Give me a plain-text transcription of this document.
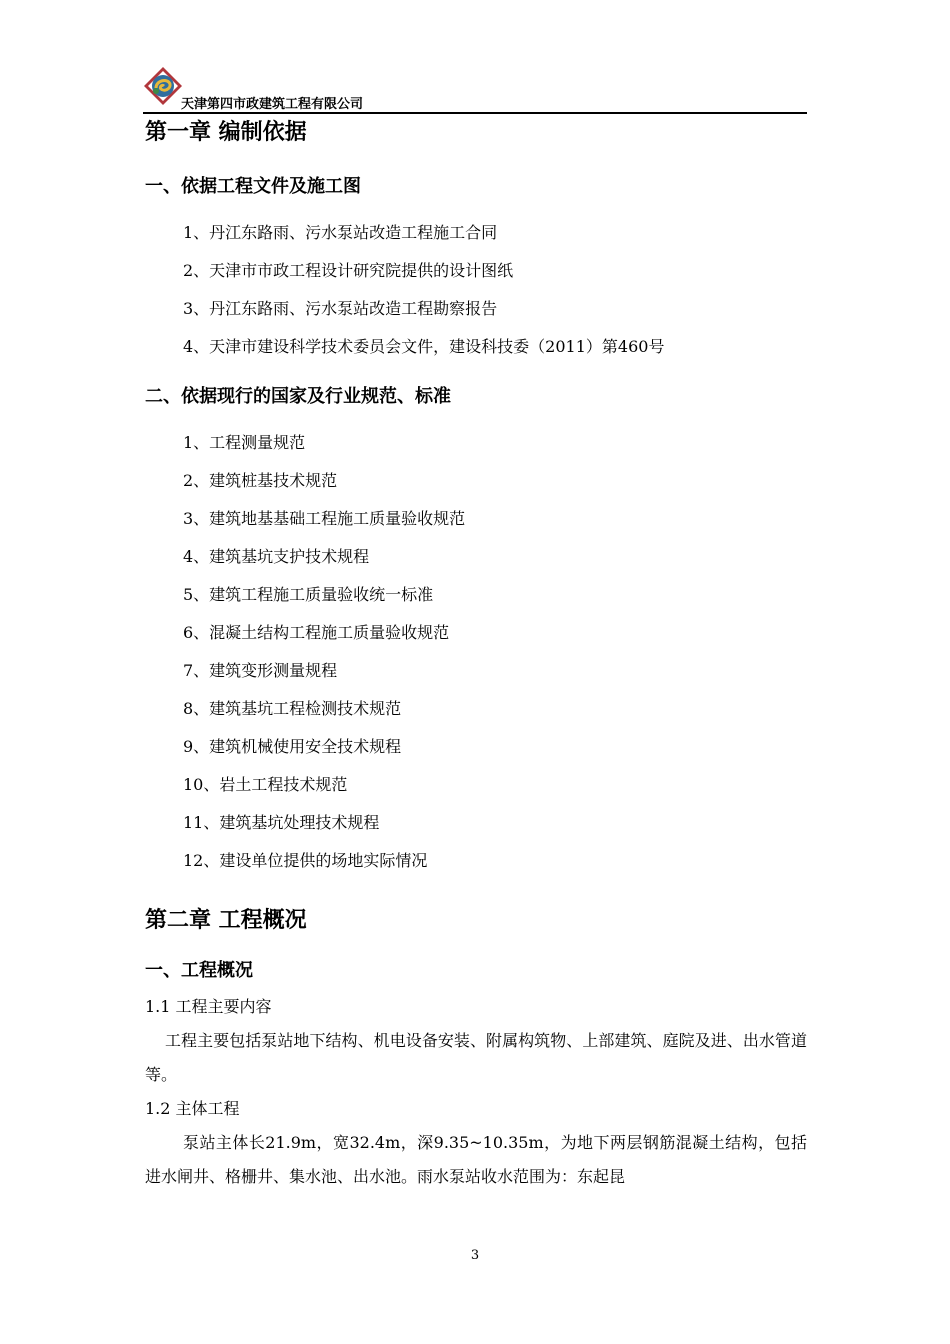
天津第四市政建筑工程有限公司
第一章 编制依据
一、依据工程文件及施工图

1、丹江东路雨、污水泵站改造工程施工合同

2、天津市市政工程设计研究院提供的设计图纸

3、丹江东路雨、污水泵站改造工程勘察报告

4、天津市建设科学技术委员会文件，建设科技委（2011）第460号

二、依据现行的国家及行业规范、标准

1、工程测量规范

2、建筑桩基技术规范

3、建筑地基基础工程施工质量验收规范

4、建筑基坑支护技术规程

5、建筑工程施工质量验收统一标准

6、混凝土结构工程施工质量验收规范

7、建筑变形测量规程

8、建筑基坑工程检测技术规范

9、建筑机械使用安全技术规程

10、岩土工程技术规范

11、建筑基坑处理技术规程

12、建设单位提供的场地实际情况

第二章 工程概况
一、工程概况

1.1 工程主要内容

工程主要包括泵站地下结构、机电设备安装、附属构筑物、上部建筑、庭院及进、出水管道等。

1.2 主体工程

泵站主体长21.9m，宽32.4m，深9.35~10.35m，为地下两层钢筋混凝土结构，包括进水闸井、格栅井、集水池、出水池。雨水泵站收水范围为：东起昆

3
